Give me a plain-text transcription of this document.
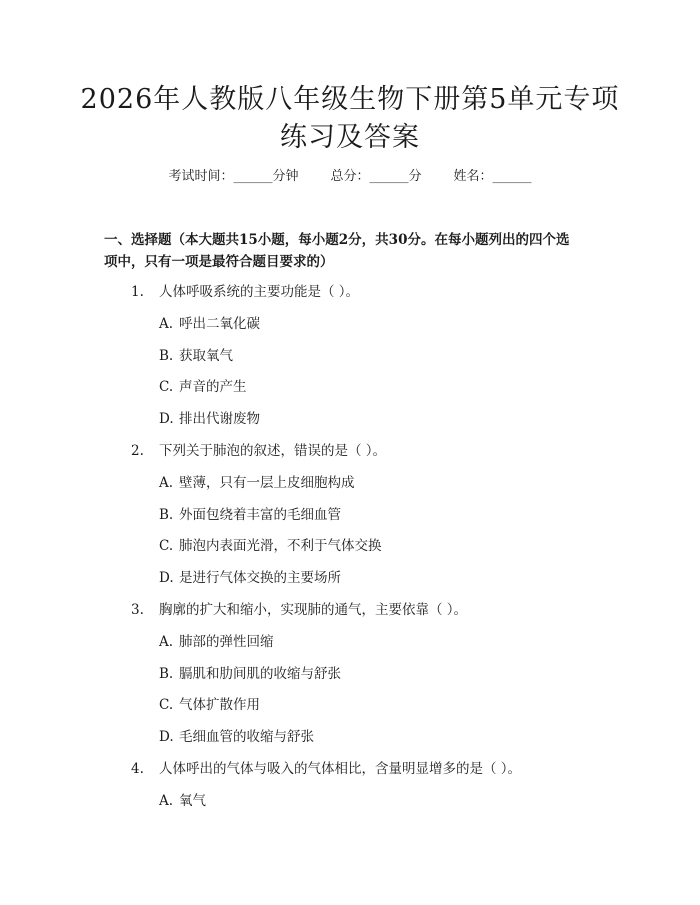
2026年人教版八年级生物下册第5单元专项
练习及答案
考试时间：______分钟 总分：______分 姓名：______
一、选择题（本大题共15小题，每小题2分，共30分。在每小题列出的四个选
项中，只有一项是最符合题目要求的）
1. 人体呼吸系统的主要功能是（ ）。
A. 呼出二氧化碳
B. 获取氧气
C. 声音的产生
D. 排出代谢废物
2. 下列关于肺泡的叙述，错误的是（ ）。
A. 壁薄，只有一层上皮细胞构成
B. 外面包绕着丰富的毛细血管
C. 肺泡内表面光滑，不利于气体交换
D. 是进行气体交换的主要场所
3. 胸廓的扩大和缩小，实现肺的通气，主要依靠（ ）。
A. 肺部的弹性回缩
B. 膈肌和肋间肌的收缩与舒张
C. 气体扩散作用
D. 毛细血管的收缩与舒张
4. 人体呼出的气体与吸入的气体相比，含量明显增多的是（ ）。
A. 氧气
